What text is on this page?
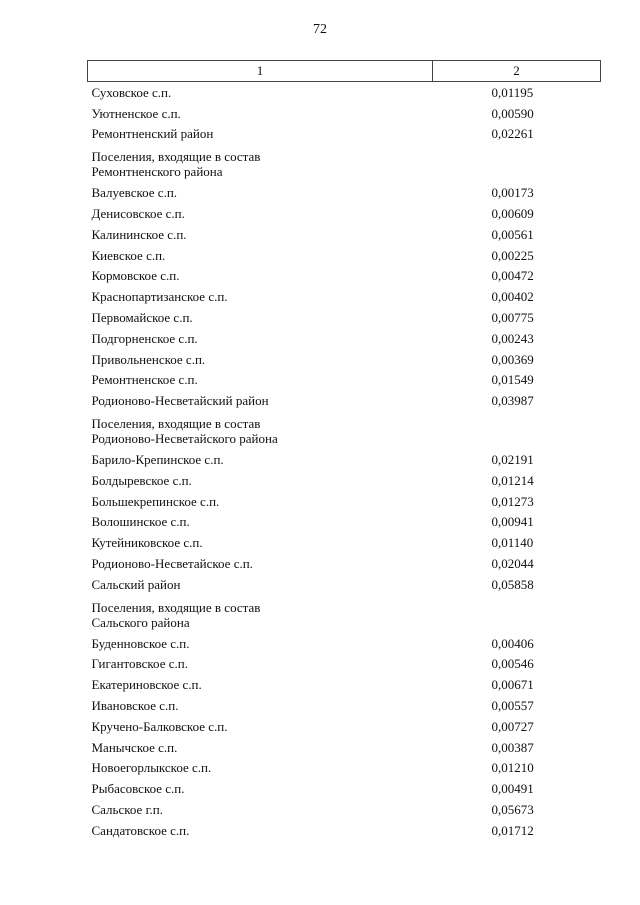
72
1	2
Суховское с.п.	0,01195
Уютненское с.п.	0,00590
Ремонтненский район	0,02261
Поселения, входящие в состав
Ремонтненского района	
Валуевское с.п.	0,00173
Денисовское с.п.	0,00609
Калининское с.п.	0,00561
Киевское с.п.	0,00225
Кормовское с.п.	0,00472
Краснопартизанское с.п.	0,00402
Первомайское с.п.	0,00775
Подгорненское с.п.	0,00243
Привольненское с.п.	0,00369
Ремонтненское с.п.	0,01549
Родионово-Несветайский район	0,03987
Поселения, входящие в состав
Родионово-Несветайского района	
Барило-Крепинское с.п.	0,02191
Болдыревское с.п.	0,01214
Большекрепинское с.п.	0,01273
Волошинское с.п.	0,00941
Кутейниковское с.п.	0,01140
Родионово-Несветайское с.п.	0,02044
Сальский район	0,05858
Поселения, входящие в состав
Сальского района	
Буденновское с.п.	0,00406
Гигантовское с.п.	0,00546
Екатериновское с.п.	0,00671
Ивановское с.п.	0,00557
Кручено-Балковское с.п.	0,00727
Манычское с.п.	0,00387
Новоегорлыкское с.п.	0,01210
Рыбасовское с.п.	0,00491
Сальское г.п.	0,05673
Сандатовское с.п.	0,01712
